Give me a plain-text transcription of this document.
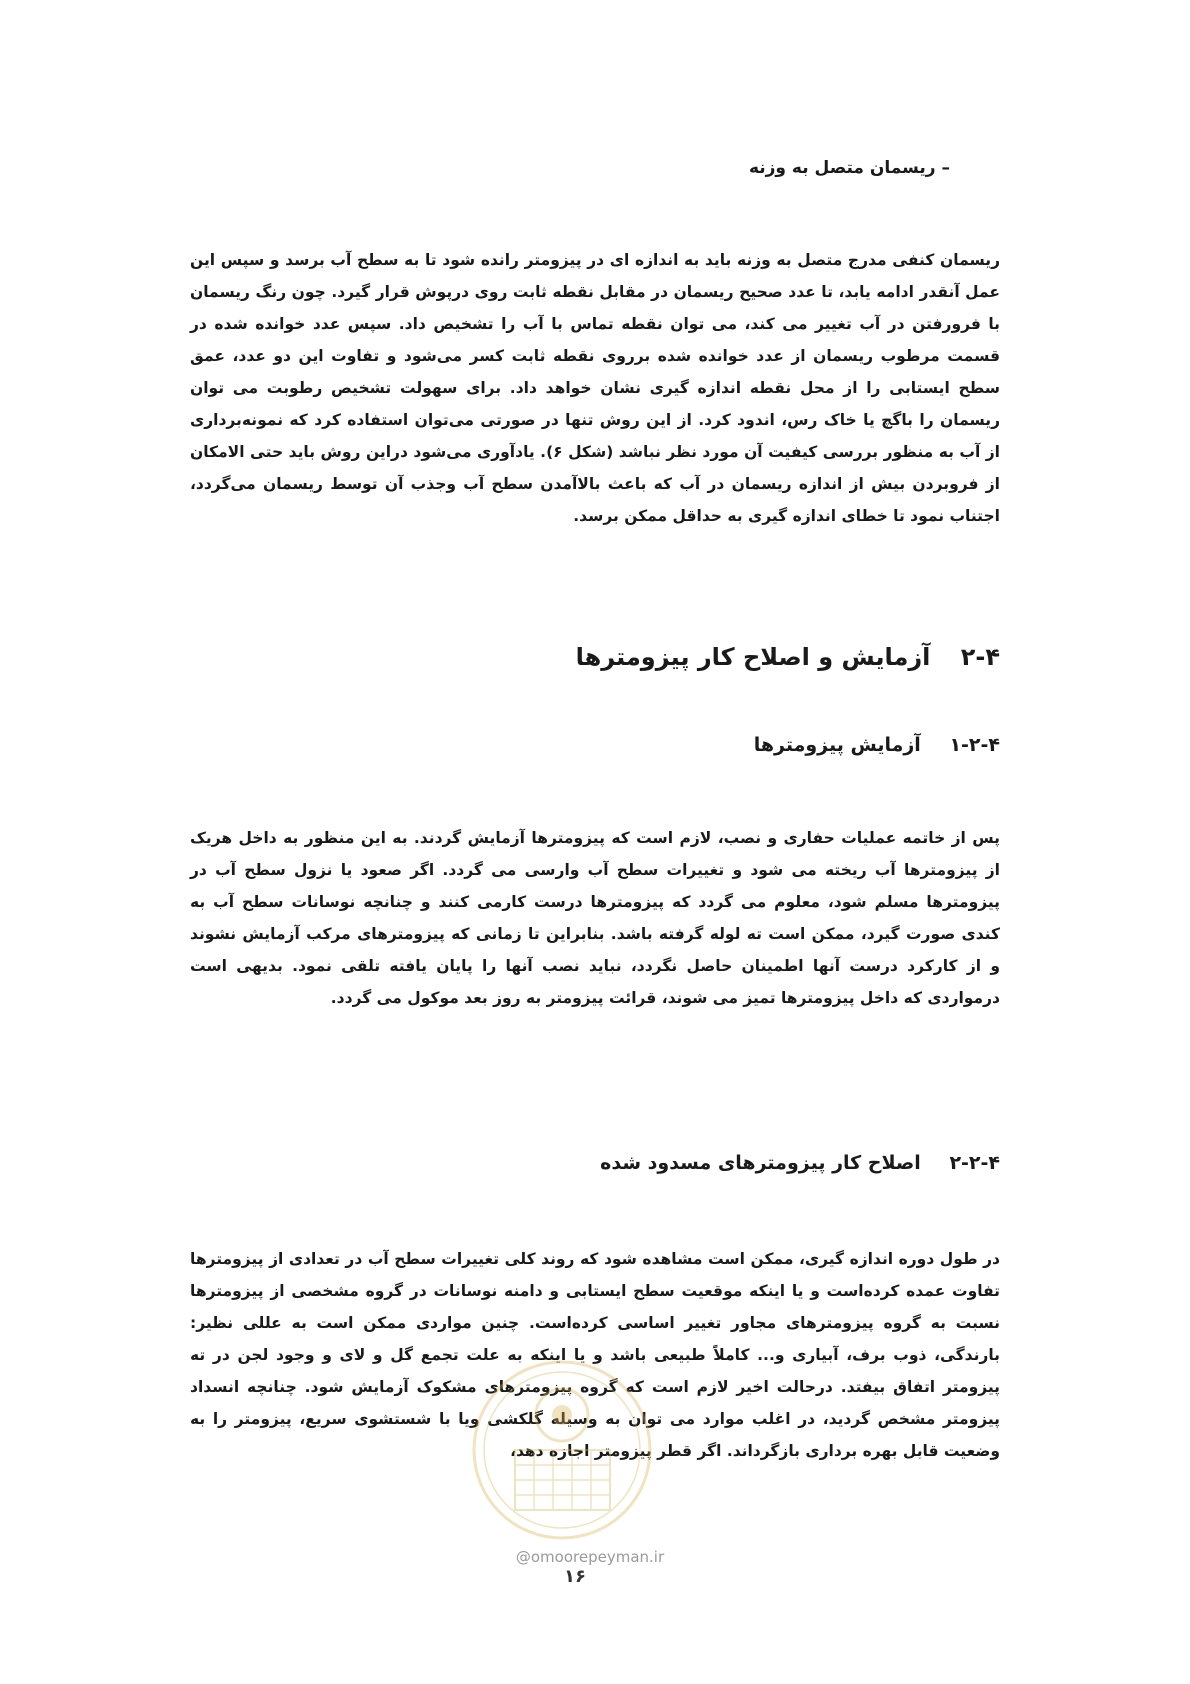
– ریسمان متصل به وزنه
ریسمان کنفی مدرج متصل به وزنه باید به اندازه ای در پیزومتر رانده شود تا به سطح آب برسد و سپس این عمل آنقدر ادامه یابد، تا عدد صحیح ریسمان در مقابل نقطه ثابت روی درپوش قرار گیرد. چون رنگ ریسمان با فرورفتن در آب تغییر می کند، می توان نقطه تماس با آب را تشخیص داد. سپس عدد خوانده شده در قسمت مرطوب ریسمان از عدد خوانده شده برروی نقطه ثابت کسر می‌شود و تفاوت این دو عدد، عمق سطح ایستابی را از محل نقطه اندازه گیری نشان خواهد داد. برای سهولت تشخیص رطوبت می توان ریسمان را باگچ یا خاک رس، اندود کرد. از این روش تنها در صورتی می‌توان استفاده کرد که نمونه‌برداری از آب به منظور بررسی کیفیت آن مورد نظر نباشد (شکل ۶). یادآوری می‌شود دراین روش باید حتی الامکان از فروبردن بیش از اندازه ریسمان در آب که باعث بالاآمدن سطح آب وجذب آن توسط ریسمان می‌گردد، اجتناب نمود تا خطای اندازه گیری به حداقل ممکن برسد.
۲-۴ آزمایش و اصلاح کار پیزومترها
۱-۲-۴ آزمایش پیزومترها
پس از خاتمه عملیات حفاری و نصب، لازم است که پیزومترها آزمایش گردند. به این منظور به داخل هریک از پیزومترها آب ریخته می شود و تغییرات سطح آب وارسی می گردد. اگر صعود یا نزول سطح آب در پیزومترها مسلم شود، معلوم می گردد که پیزومترها درست کارمی کنند و چنانچه نوسانات سطح آب به کندی صورت گیرد، ممکن است ته لوله گرفته باشد. بنابراین تا زمانی که پیزومترهای مرکب آزمایش نشوند و از کارکرد درست آنها اطمینان حاصل نگردد، نباید نصب آنها را پایان یافته تلقی نمود. بدیهی است درمواردی که داخل پیزومترها تمیز می شوند، قرائت پیزومتر به روز بعد موکول می گردد.
۲-۲-۴ اصلاح کار پیزومترهای مسدود شده
در طول دوره اندازه گیری، ممکن است مشاهده شود که روند کلی تغییرات سطح آب در تعدادی از پیزومترها تفاوت عمده کرده‌است و یا اینکه موقعیت سطح ایستابی و دامنه نوسانات در گروه مشخصی از پیزومترها نسبت به گروه پیزومترهای مجاور تغییر اساسی کرده‌است. چنین مواردی ممکن است به عللی نظیر: بارندگی، ذوب برف، آبیاری و... کاملاً طبیعی باشد و یا اینکه به علت تجمع گل و لای و وجود لجن در ته پیزومتر اتفاق بیفتد. درحالت اخیر لازم است که گروه پیزومترهای مشکوک آزمایش شود. چنانچه انسداد پیزومتر مشخص گردید، در اغلب موارد می توان به وسیله گلکشی ویا با شستشوی سریع، پیزومتر را به وضعیت قابل بهره برداری بازگرداند. اگر قطر پیزومتر اجازه دهد،
@omoorepeyman.ir
۱۶
